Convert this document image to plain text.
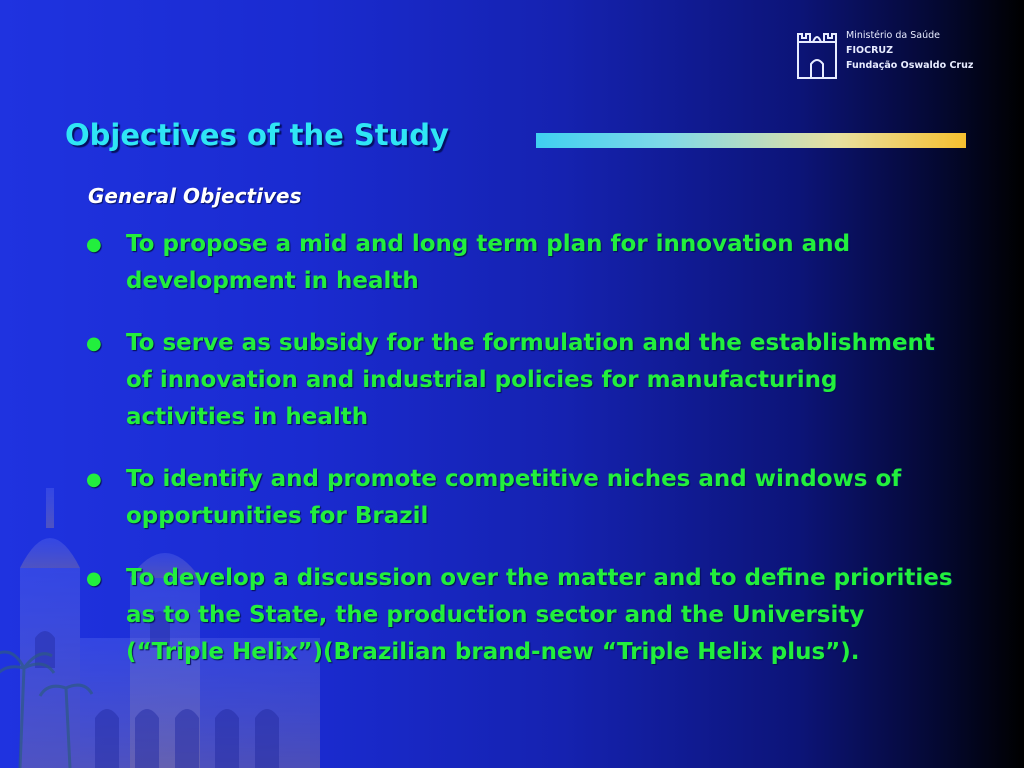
Ministério da Saúde
FIOCRUZ
Fundação Oswaldo Cruz
Objectives of the Study
General Objectives
● To propose a mid and long term plan for innovation and development in health
● To serve as subsidy for the formulation and the establishment of innovation and industrial policies for manufacturing activities in health
● To identify and promote competitive niches and windows of opportunities for Brazil
● To develop a discussion over the matter and to define priorities as to the State, the production sector and the University (“Triple Helix”)(Brazilian brand-new “Triple Helix plus”).
